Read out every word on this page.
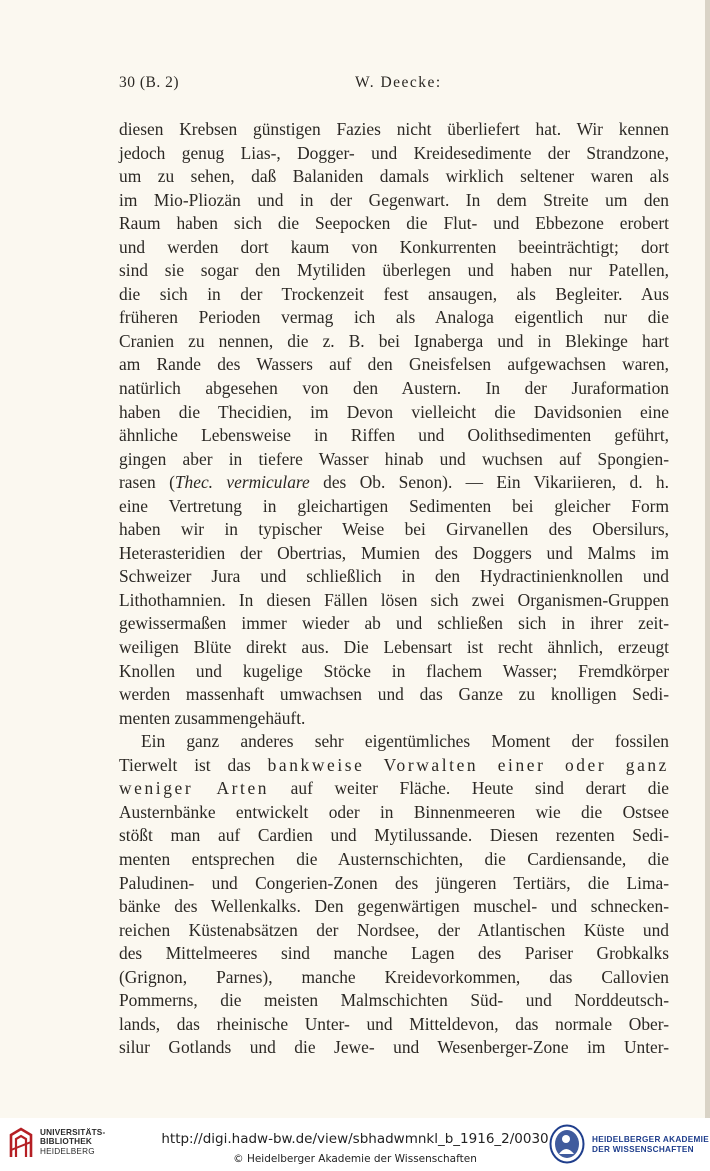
30 (B. 2)	W. Deecke:
diesen Krebsen günstigen Fazies nicht überliefert hat. Wir kennen
jedoch genug Lias-, Dogger- und Kreidesedimente der Strandzone,
um zu sehen, daß Balaniden damals wirklich seltener waren als
im Mio-Pliozän und in der Gegenwart. In dem Streite um den
Raum haben sich die Seepocken die Flut- und Ebbezone erobert
und werden dort kaum von Konkurrenten beeinträchtigt; dort
sind sie sogar den Mytiliden überlegen und haben nur Patellen,
die sich in der Trockenzeit fest ansaugen, als Begleiter. Aus
früheren Perioden vermag ich als Analoga eigentlich nur die
Cranien zu nennen, die z. B. bei Ignaberga und in Blekinge hart
am Rande des Wassers auf den Gneisfelsen aufgewachsen waren,
natürlich abgesehen von den Austern. In der Juraformation
haben die Thecidien, im Devon vielleicht die Davidsonien eine
ähnliche Lebensweise in Riffen und Oolithsedimenten geführt,
gingen aber in tiefere Wasser hinab und wuchsen auf Spongien-
rasen (Thec. vermiculare des Ob. Senon). — Ein Vikariieren, d. h.
eine Vertretung in gleichartigen Sedimenten bei gleicher Form
haben wir in typischer Weise bei Girvanellen des Obersilurs,
Heterasteridien der Obertrias, Mumien des Doggers und Malms im
Schweizer Jura und schließlich in den Hydractinienknollen und
Lithothamnien. In diesen Fällen lösen sich zwei Organismen-Gruppen
gewissermaßen immer wieder ab und schließen sich in ihrer zeit-
weiligen Blüte direkt aus. Die Lebensart ist recht ähnlich, erzeugt
Knollen und kugelige Stöcke in flachem Wasser; Fremdkörper
werden massenhaft umwachsen und das Ganze zu knolligen Sedi-
menten zusammengehäuft.
Ein ganz anderes sehr eigentümliches Moment der fossilen
Tierwelt ist das bankweise Vorwalten einer oder ganz
weniger Arten auf weiter Fläche. Heute sind derart die
Austernbänke entwickelt oder in Binnenmeeren wie die Ostsee
stößt man auf Cardien und Mytilussande. Diesen rezenten Sedi-
menten entsprechen die Austernschichten, die Cardiensande, die
Paludinen- und Congerien-Zonen des jüngeren Tertiärs, die Lima-
bänke des Wellenkalks. Den gegenwärtigen muschel- und schnecken-
reichen Küstenabsätzen der Nordsee, der Atlantischen Küste und
des Mittelmeeres sind manche Lagen des Pariser Grobkalks
(Grignon, Parnes), manche Kreidevorkommen, das Callovien
Pommerns, die meisten Malmschichten Süd- und Norddeutsch-
lands, das rheinische Unter- und Mitteldevon, das normale Ober-
silur Gotlands und die Jewe- und Wesenberger-Zone im Unter-
UNIVERSITÄTS-
BIBLIOTHEK
HEIDELBERG
http://digi.hadw-bw.de/view/sbhadwmnkl_b_1916_2/0030
© Heidelberger Akademie der Wissenschaften
HEIDELBERGER AKADEMIE
DER WISSENSCHAFTEN
